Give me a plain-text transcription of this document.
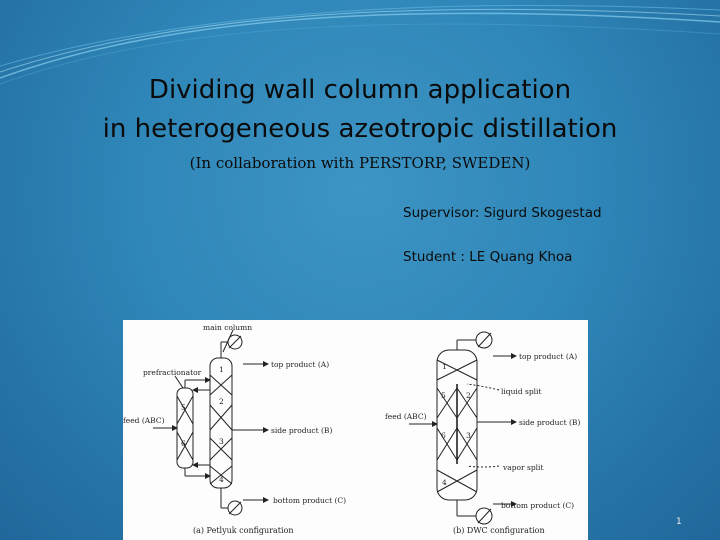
Dividing wall column application
in heterogeneous azeotropic distillation
(In collaboration with PERSTORP, SWEDEN)
Supervisor: Sigurd Skogestad
Student : LE Quang Khoa
main column
prefractionator
feed (ABC)
top product (A)
side product (B)
bottom product (C)
(a) Petlyuk configuration
1
2
3
4
5
6
feed (ABC)
top product (A)
liquid split
side product (B)
vapor split
bottom product (C)
(b) DWC configuration
1
5	2
6	3
4
1
